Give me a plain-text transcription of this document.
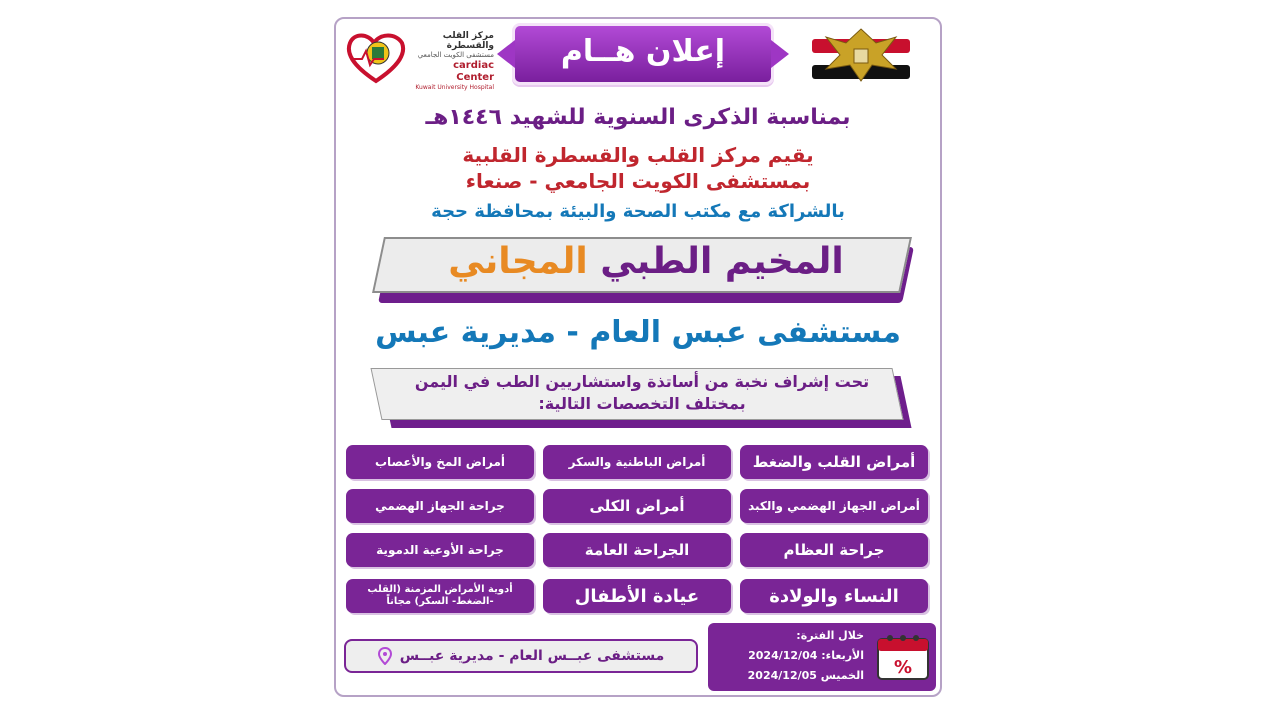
مركز القلب والقسطرة
مستشفى الكويت الجامعي
cardiac Center
Kuwait University Hospital
إعلان هــام
بمناسبة الذكرى السنوية للشهيد ١٤٤٦هـ
يقيم مركز القلب والقسطرة القلبية
بمستشفى الكويت الجامعي - صنعاء
بالشراكة مع مكتب الصحة والبيئة بمحافظة حجة
المخيم الطبي المجاني
مستشفى عبس العام - مديرية عبس
تحت إشراف نخبة من أساتذة واستشاريين الطب في اليمن
بمختلف التخصصات التالية:
أمراض القلب والضغط
أمراض الباطنية والسكر
أمراض المخ والأعصاب
أمراض الجهاز الهضمي والكبد
أمراض الكلى
جراحة الجهاز الهضمي
جراحة العظام
الجراحة العامة
جراحة الأوعية الدموية
النساء والولادة
عيادة الأطفال
أدوية الأمراض المزمنة (القلب -الضغط- السكر) مجاناً
مستشفى عبــس العام - مديرية عبــس
%
خلال الفترة:
الأربعاء: 2024/12/04
الخميس 2024/12/05
